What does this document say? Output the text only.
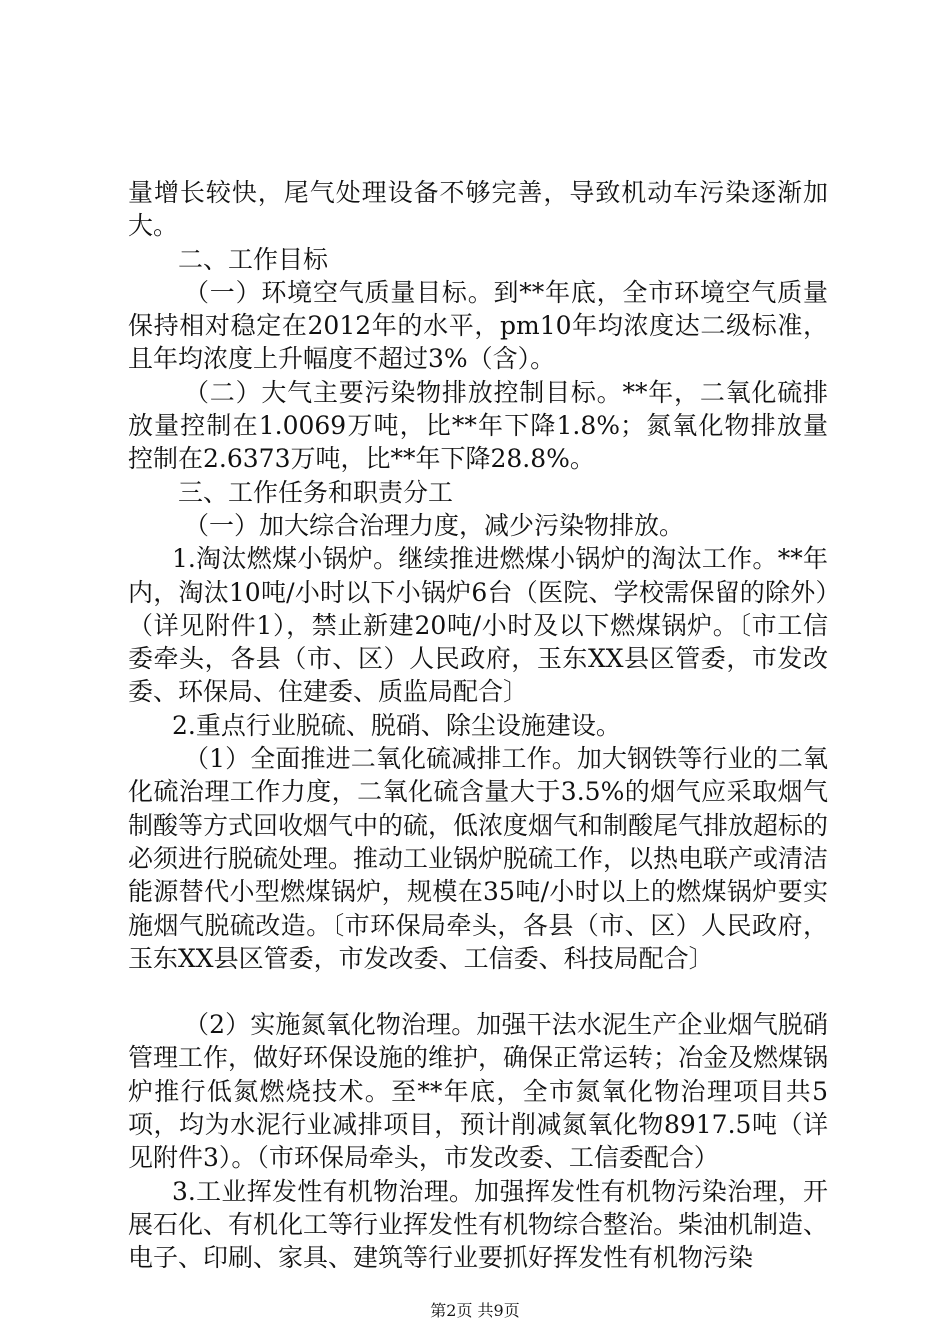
量增长较快，尾气处理设备不够完善，导致机动车污染逐渐加大。

二、工作目标

（一）环境空气质量目标。到**年底，全市环境空气质量保持相对稳定在2012年的水平，pm10年均浓度达二级标准，且年均浓度上升幅度不超过3%（含）。

（二）大气主要污染物排放控制目标。**年，二氧化硫排放量控制在1.0069万吨，比**年下降1.8%；氮氧化物排放量控制在2.6373万吨，比**年下降28.8%。

三、工作任务和职责分工

（一）加大综合治理力度，减少污染物排放。

1.淘汰燃煤小锅炉。继续推进燃煤小锅炉的淘汰工作。**年内，淘汰10吨/小时以下小锅炉6台（医院、学校需保留的除外）（详见附件1），禁止新建20吨/小时及以下燃煤锅炉。〔市工信委牵头，各县（市、区）人民政府，玉东XX县区管委，市发改委、环保局、住建委、质监局配合〕

2.重点行业脱硫、脱硝、除尘设施建设。

（1）全面推进二氧化硫减排工作。加大钢铁等行业的二氧化硫治理工作力度，二氧化硫含量大于3.5%的烟气应采取烟气制酸等方式回收烟气中的硫，低浓度烟气和制酸尾气排放超标的必须进行脱硫处理。推动工业锅炉脱硫工作，以热电联产或清洁能源替代小型燃煤锅炉，规模在35吨/小时以上的燃煤锅炉要实施烟气脱硫改造。〔市环保局牵头，各县（市、区）人民政府，玉东XX县区管委，市发改委、工信委、科技局配合〕

（2）实施氮氧化物治理。加强干法水泥生产企业烟气脱硝管理工作，做好环保设施的维护，确保正常运转；冶金及燃煤锅炉推行低氮燃烧技术。至**年底，全市氮氧化物治理项目共5项，均为水泥行业减排项目，预计削减氮氧化物8917.5吨（详见附件3）。（市环保局牵头，市发改委、工信委配合）

3.工业挥发性有机物治理。加强挥发性有机物污染治理，开展石化、有机化工等行业挥发性有机物综合整治。柴油机制造、电子、印刷、家具、建筑等行业要抓好挥发性有机物污染

第2页 共9页
